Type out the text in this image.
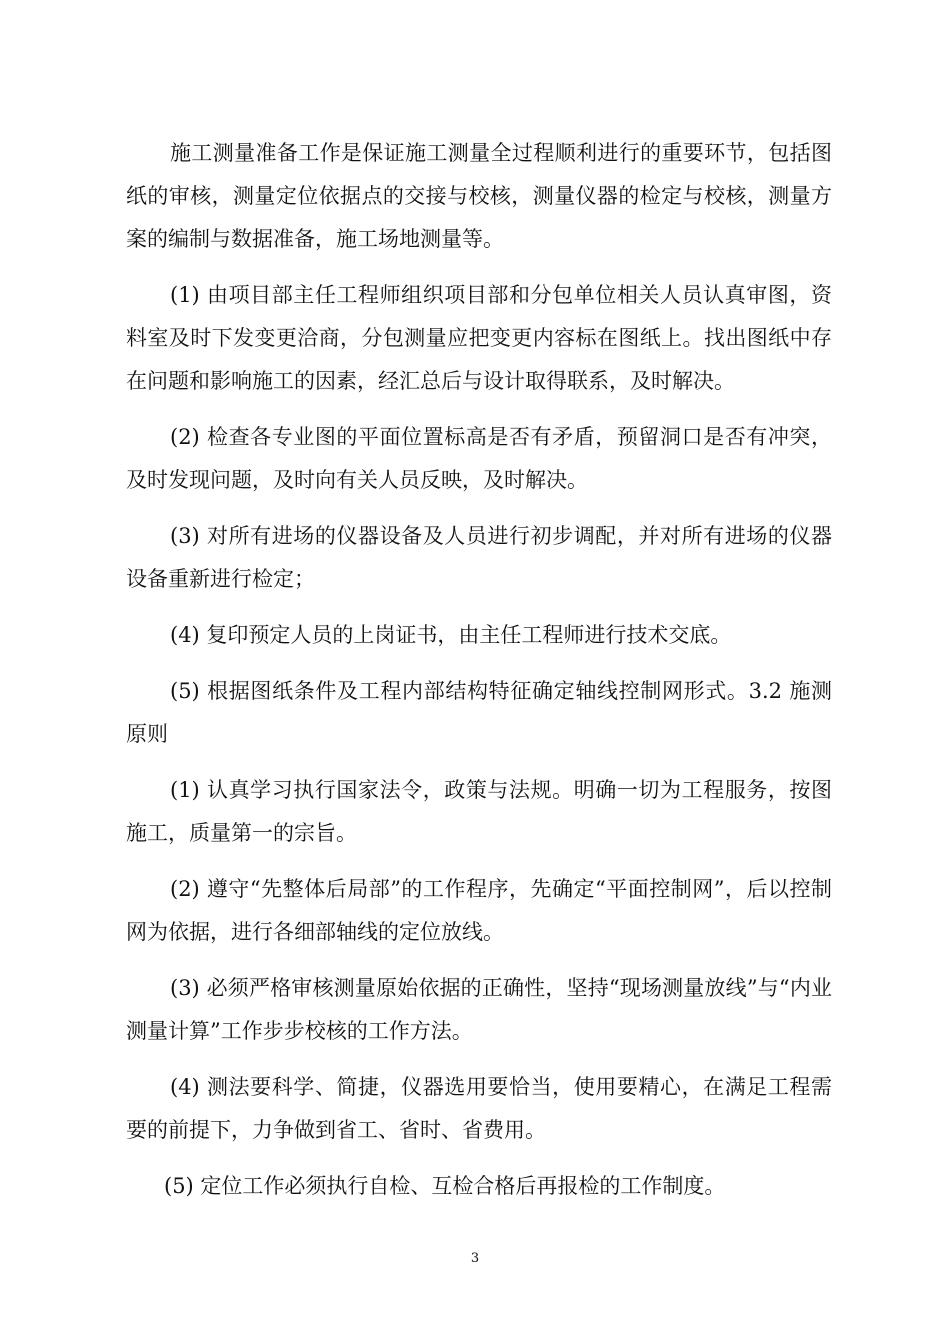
施工测量准备工作是保证施工测量全过程顺利进行的重要环节，包括图纸的审核，测量定位依据点的交接与校核，测量仪器的检定与校核，测量方案的编制与数据准备，施工场地测量等。

(1) 由项目部主任工程师组织项目部和分包单位相关人员认真审图，资料室及时下发变更洽商，分包测量应把变更内容标在图纸上。找出图纸中存在问题和影响施工的因素，经汇总后与设计取得联系，及时解决。

(2) 检查各专业图的平面位置标高是否有矛盾，预留洞口是否有冲突，及时发现问题，及时向有关人员反映，及时解决。

(3) 对所有进场的仪器设备及人员进行初步调配，并对所有进场的仪器设备重新进行检定；

(4) 复印预定人员的上岗证书，由主任工程师进行技术交底。

(5) 根据图纸条件及工程内部结构特征确定轴线控制网形式。3.2 施测原则

(1) 认真学习执行国家法令，政策与法规。明确一切为工程服务，按图施工，质量第一的宗旨。

(2) 遵守“先整体后局部”的工作程序，先确定“平面控制网”，后以控制网为依据，进行各细部轴线的定位放线。

(3) 必须严格审核测量原始依据的正确性，坚持“现场测量放线”与“内业测量计算”工作步步校核的工作方法。

(4) 测法要科学、简捷，仪器选用要恰当，使用要精心，在满足工程需要的前提下，力争做到省工、省时、省费用。

(5) 定位工作必须执行自检、互检合格后再报检的工作制度。

3
